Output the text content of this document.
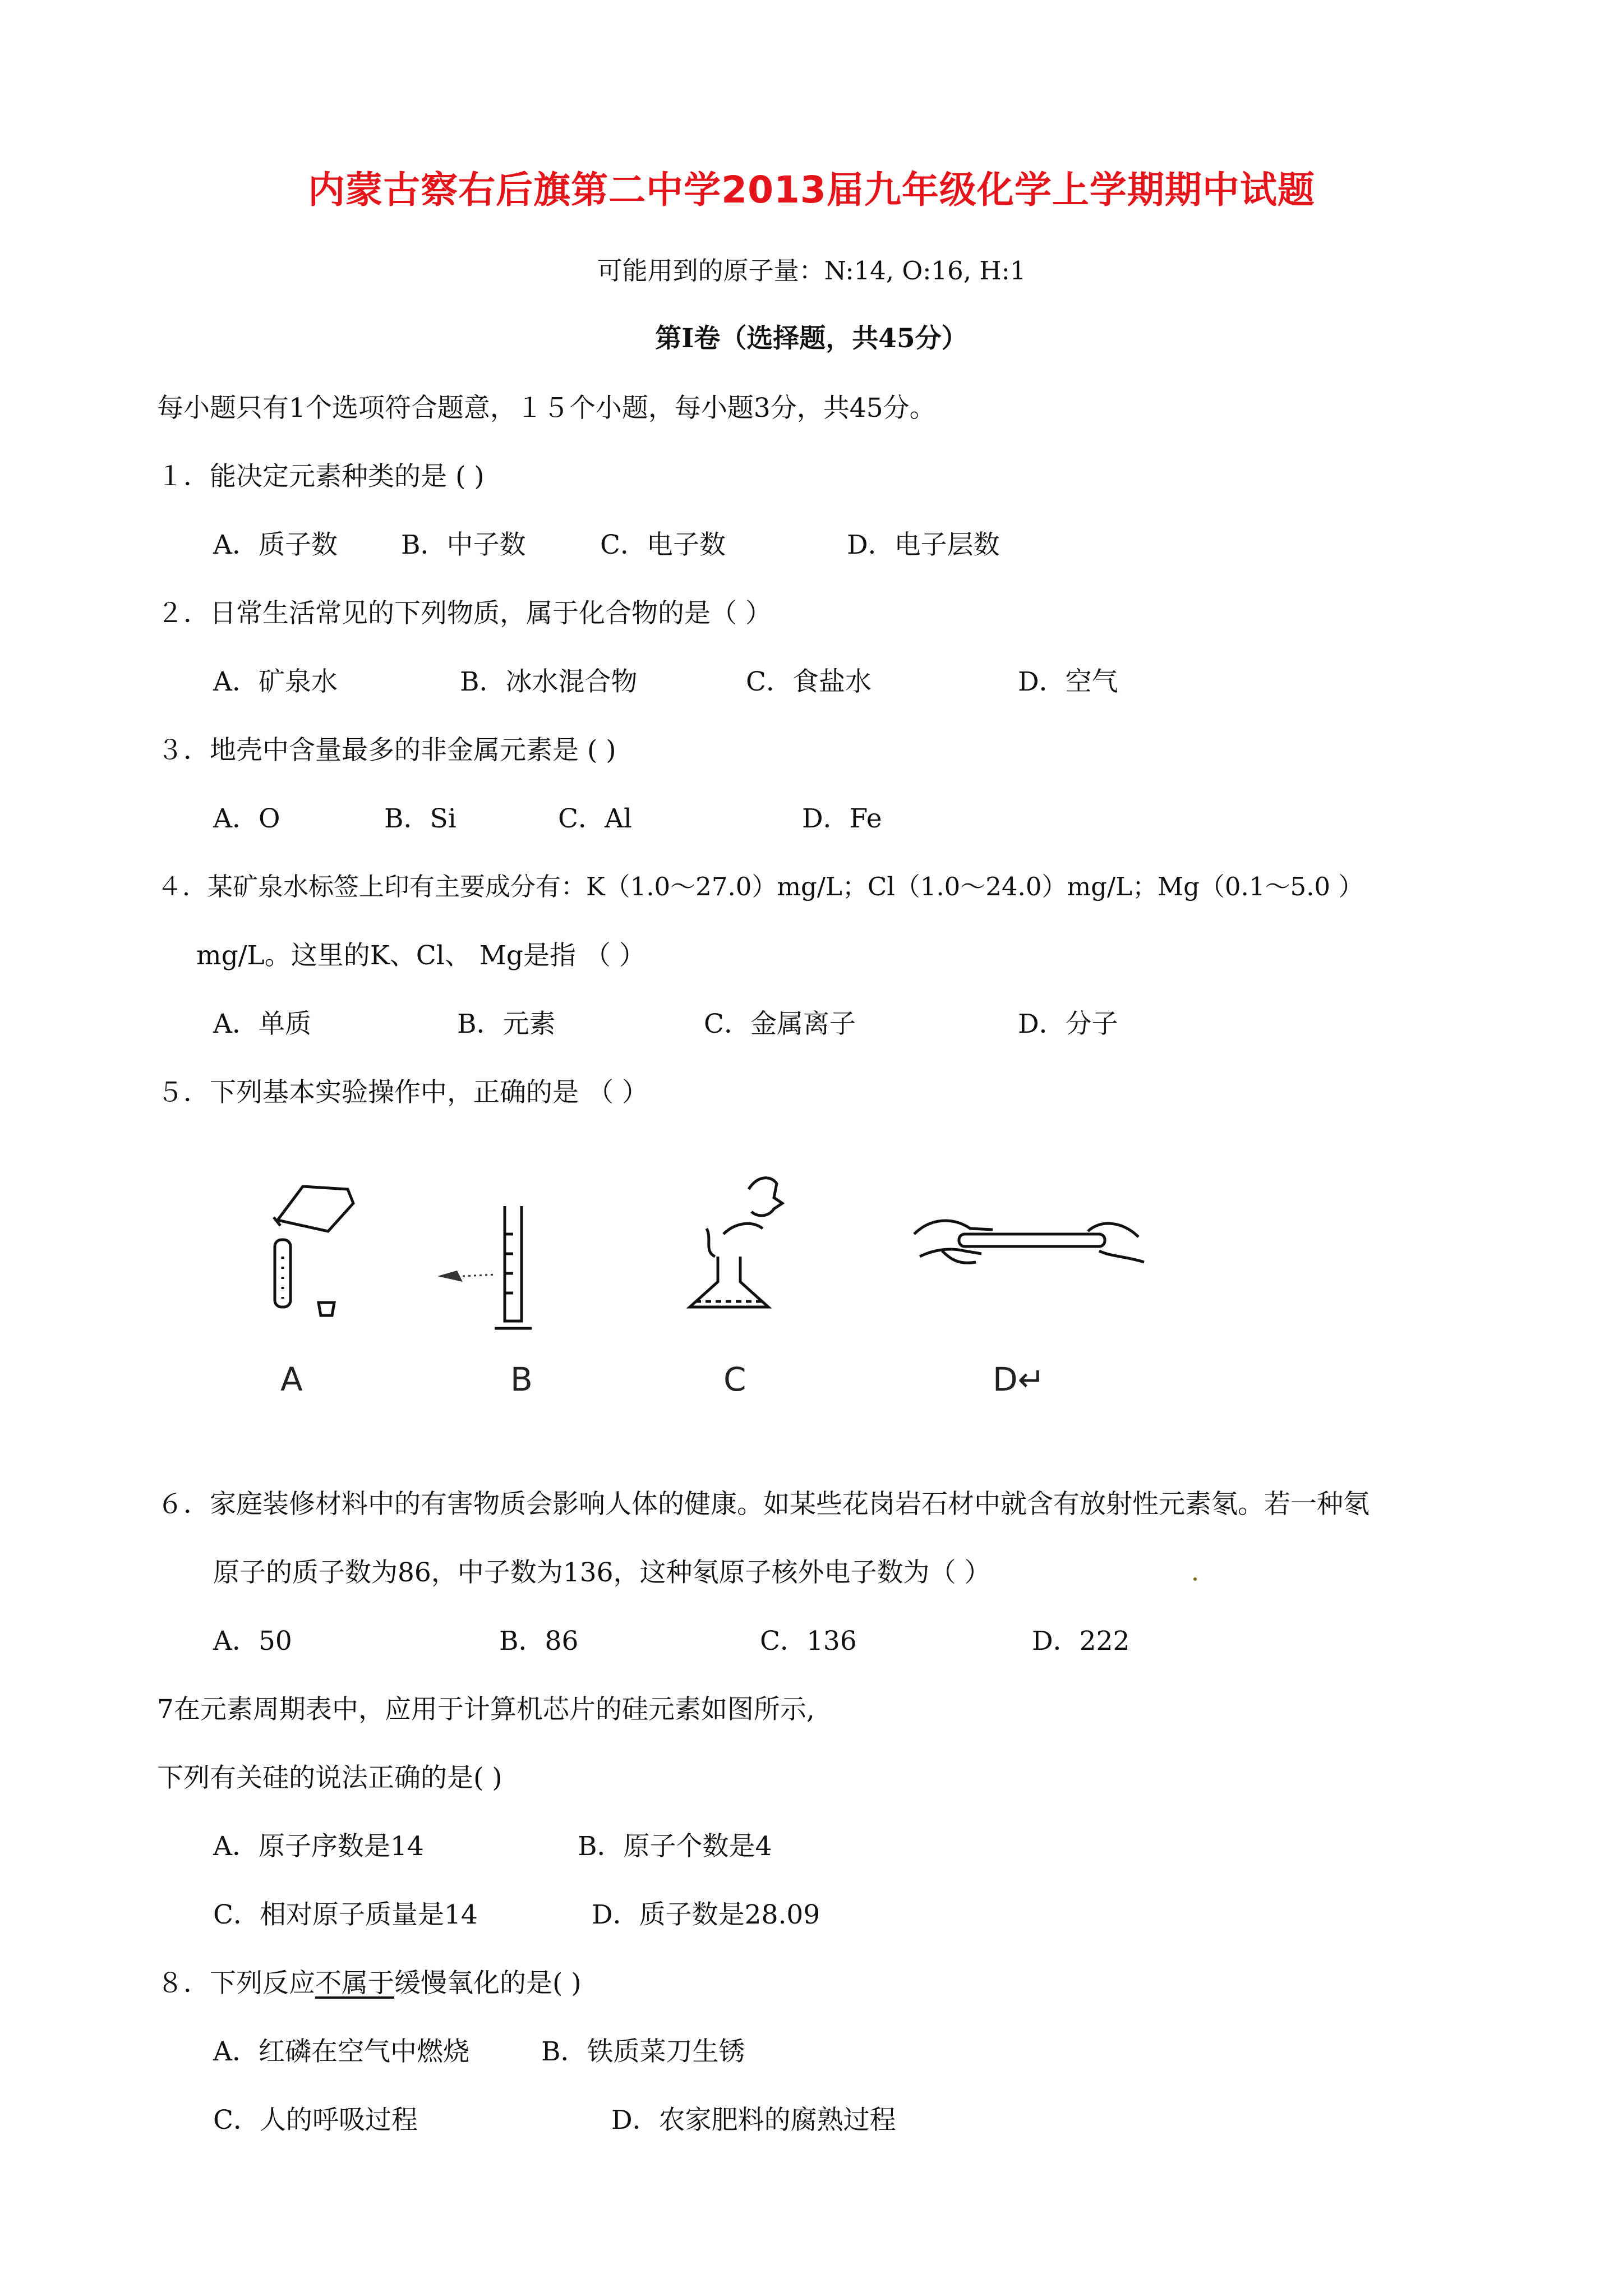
内蒙古察右后旗第二中学2013届九年级化学上学期期中试题
可能用到的原子量：N:14, O:16, H:1
第Ⅰ卷（选择题，共45分）
每小题只有1个选项符合题意，１５个小题，每小题3分，共45分。
１．能决定元素种类的是 ( )
A．质子数 B．中子数	C．电子数	D．电子层数
２．日常生活常见的下列物质，属于化合物的是（ ）
A．矿泉水	B．冰水混合物	C．食盐水	D．空气
３．地壳中含量最多的非金属元素是 ( )
A．O	B．Si	C．Al	D．Fe
４．某矿泉水标签上印有主要成分有：K（1.0～27.0）mg/L；Cl（1.0～24.0）mg/L；Mg（0.1～5.0 ）
mg/L。这里的K、Cl、 Mg是指 （ ）
A．单质	B．元素	C．金属离子	D．分子
５．下列基本实验操作中，正确的是 （ ）
A	B	C	D↵
６．家庭装修材料中的有害物质会影响人体的健康。如某些花岗岩石材中就含有放射性元素氡。若一种氡
原子的质子数为86，中子数为136，这种氡原子核外电子数为（ ）
A．50	B．86	C．136	D．222
7在元素周期表中，应用于计算机芯片的硅元素如图所示,
下列有关硅的说法正确的是( )
A．原子序数是14	B．原子个数是4
C．相对原子质量是14	D．质子数是28.09
８．下列反应不属于缓慢氧化的是( )
A．红磷在空气中燃烧	B．铁质菜刀生锈
C．人的呼吸过程	D．农家肥料的腐熟过程
